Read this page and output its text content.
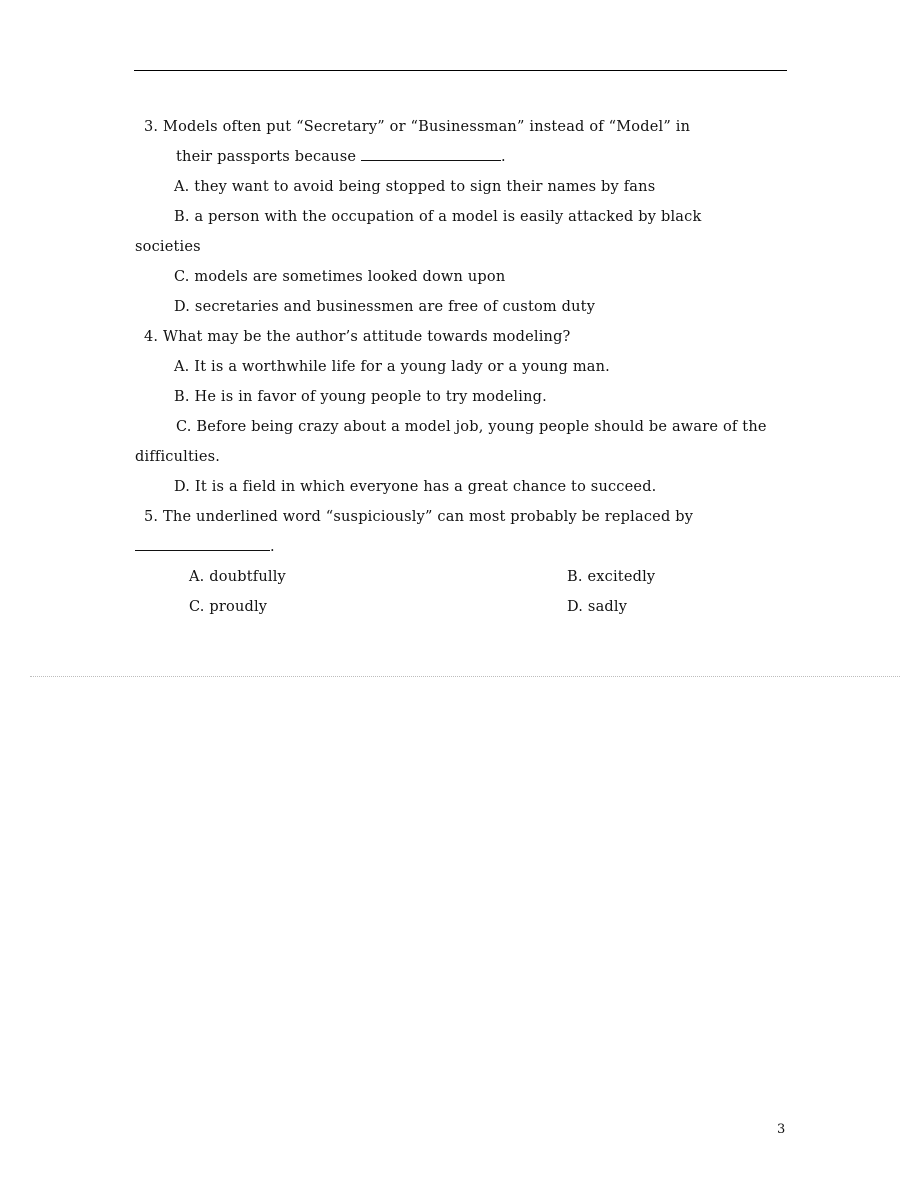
3. Models often put “Secretary” or “Businessman” instead of “Model” in
their passports because	.
A. they want to avoid being stopped to sign their names by fans
B. a person with the occupation of a model is easily attacked by black
societies
C. models are sometimes looked down upon
D. secretaries and businessmen are free of custom duty
4. What may be the author’s attitude towards modeling?
A. It is a worthwhile life for a young lady or a young man.
B. He is in favor of young people to try modeling.
C. Before being crazy about a model job, young people should be aware of the
difficulties.
D. It is a field in which everyone has a great chance to succeed.
5. The underlined word “suspiciously” can most probably be replaced by
.
A. doubtfully	B. excitedly
C. proudly	D. sadly
3
